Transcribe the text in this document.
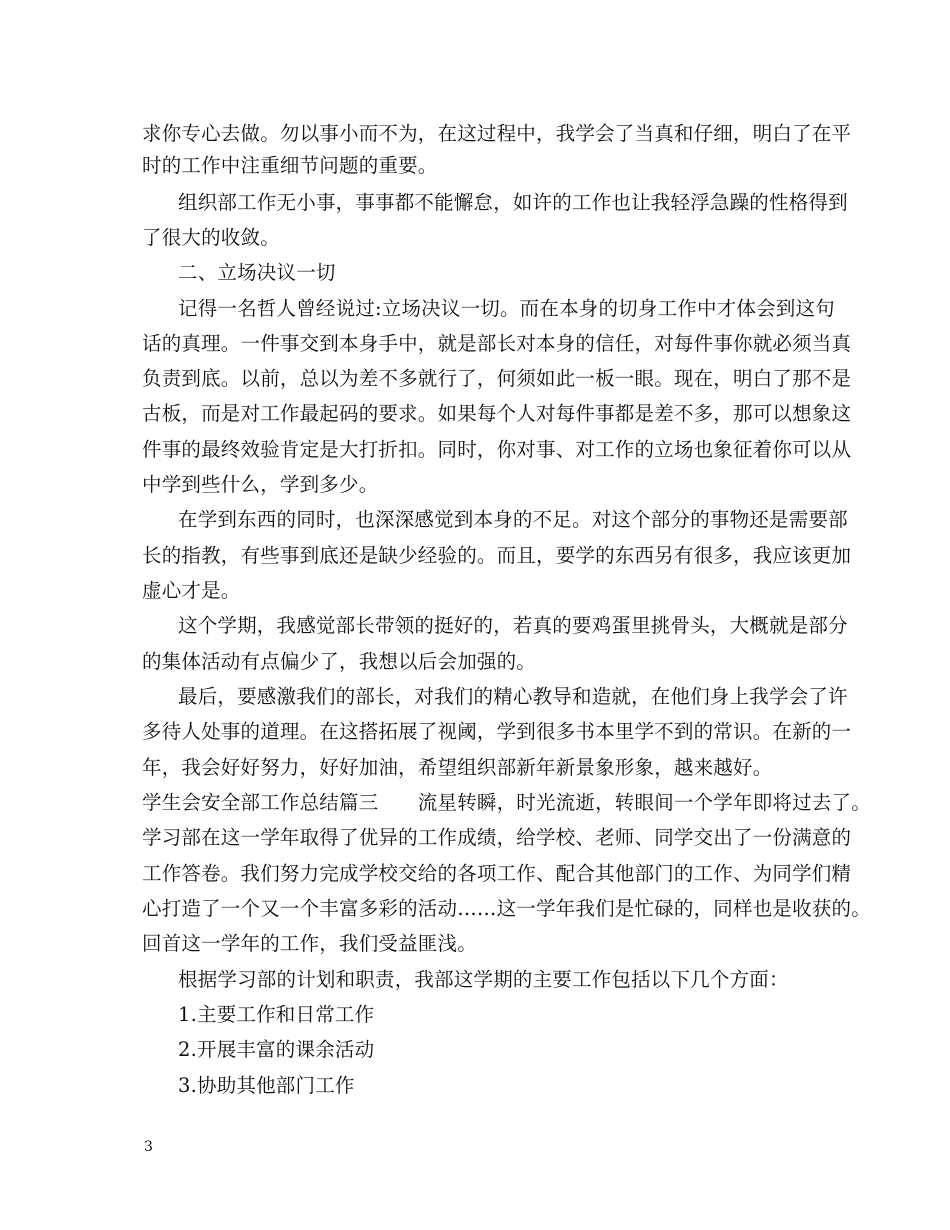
求你专心去做。勿以事小而不为，在这过程中，我学会了当真和仔细，明白了在平
时的工作中注重细节问题的重要。
组织部工作无小事，事事都不能懈怠，如许的工作也让我轻浮急躁的性格得到
了很大的收敛。
二、立场决议一切
记得一名哲人曾经说过:立场决议一切。而在本身的切身工作中才体会到这句
话的真理。一件事交到本身手中，就是部长对本身的信任，对每件事你就必须当真
负责到底。以前，总以为差不多就行了，何须如此一板一眼。现在，明白了那不是
古板，而是对工作最起码的要求。如果每个人对每件事都是差不多，那可以想象这
件事的最终效验肯定是大打折扣。同时，你对事、对工作的立场也象征着你可以从
中学到些什么，学到多少。
在学到东西的同时，也深深感觉到本身的不足。对这个部分的事物还是需要部
长的指教，有些事到底还是缺少经验的。而且，要学的东西另有很多，我应该更加
虚心才是。
这个学期，我感觉部长带领的挺好的，若真的要鸡蛋里挑骨头，大概就是部分
的集体活动有点偏少了，我想以后会加强的。
最后，要感激我们的部长，对我们的精心教导和造就，在他们身上我学会了许
多待人处事的道理。在这搭拓展了视阈，学到很多书本里学不到的常识。在新的一
年，我会好好努力，好好加油，希望组织部新年新景象形象，越来越好。
学生会安全部工作总结篇三　　流星转瞬，时光流逝，转眼间一个学年即将过去了。
学习部在这一学年取得了优异的工作成绩，给学校、老师、同学交出了一份满意的
工作答卷。我们努力完成学校交给的各项工作、配合其他部门的工作、为同学们精
心打造了一个又一个丰富多彩的活动……这一学年我们是忙碌的，同样也是收获的。
回首这一学年的工作，我们受益匪浅。
根据学习部的计划和职责，我部这学期的主要工作包括以下几个方面：
1.主要工作和日常工作
2.开展丰富的课余活动
3.协助其他部门工作
3
